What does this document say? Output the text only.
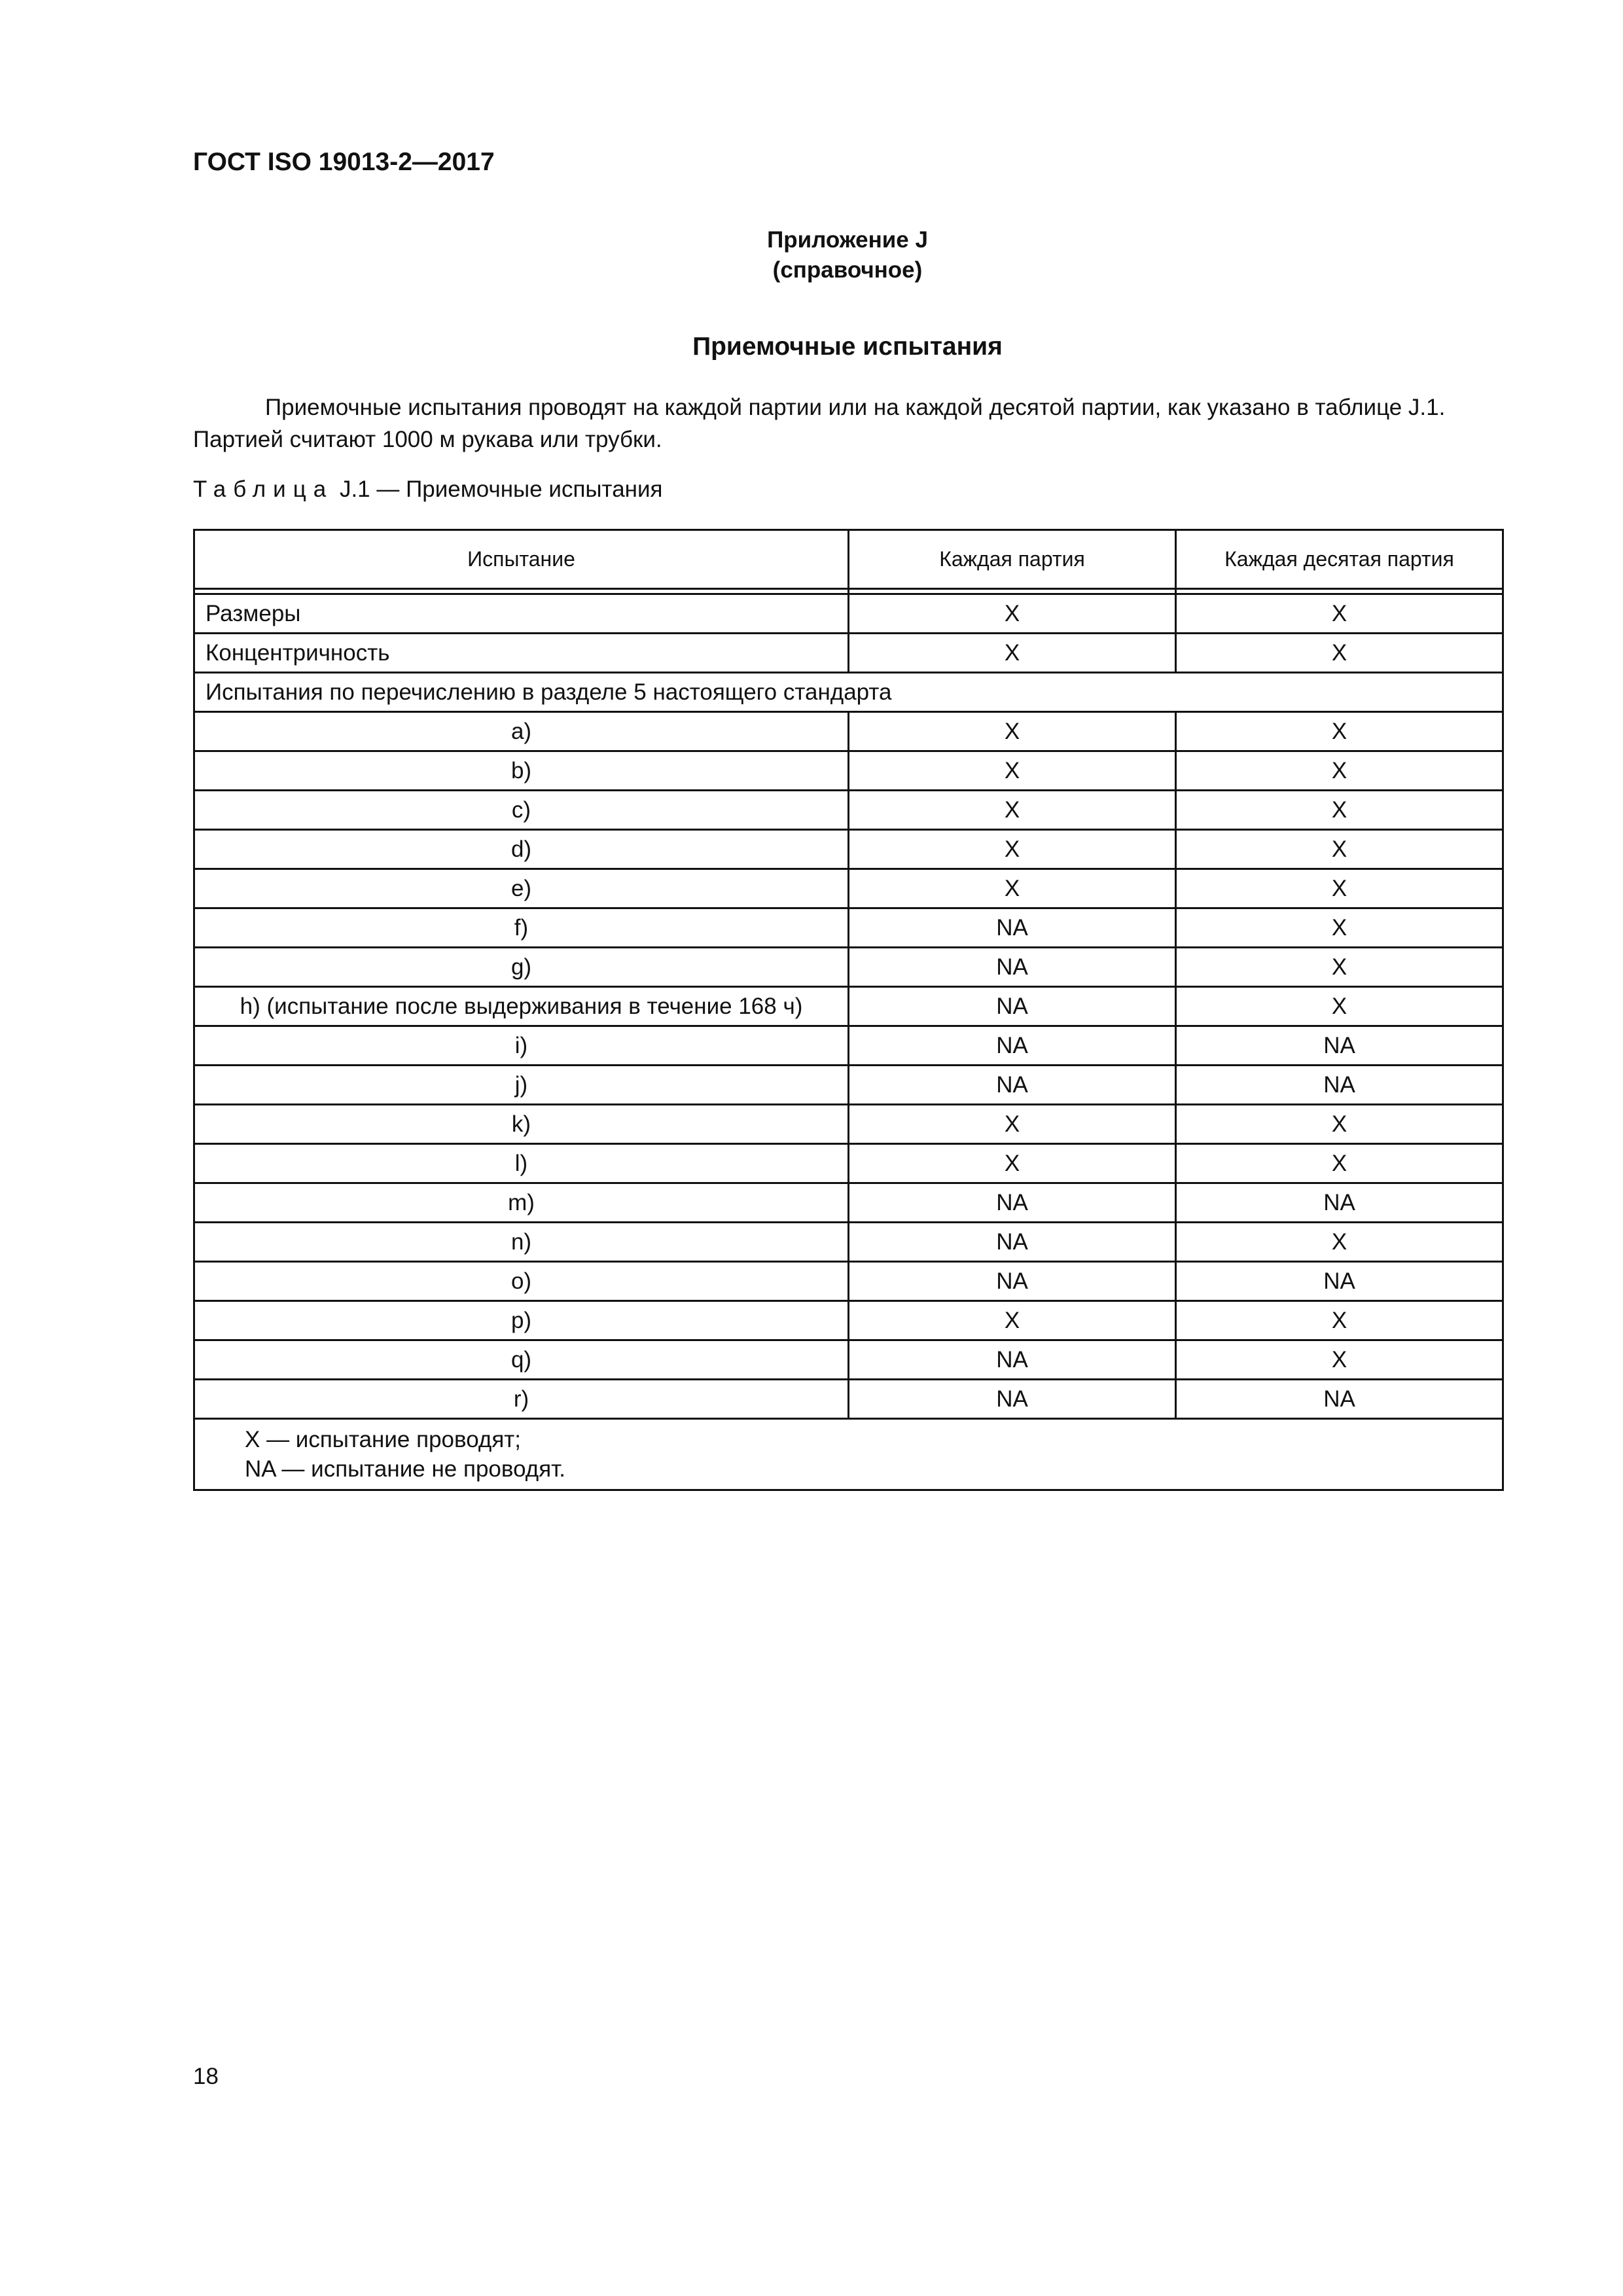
ГОСТ ISO 19013-2—2017
Приложение J
(справочное)
Приемочные испытания
Приемочные испытания проводят на каждой партии или на каждой десятой партии, как указано в таблице J.1.
Партией считают 1000 м рукава или трубки.
Таблица J.1 — Приемочные испытания
Испытание	Каждая партия	Каждая десятая партия

Размеры	X	X
Концентричность	X	X
Испытания по перечислению в разделе 5 настоящего стандарта		
a)	X	X
b)	X	X
c)	X	X
d)	X	X
e)	X	X
f)	NA	X
g)	NA	X
h) (испытание после выдерживания в течение 168 ч)	NA	X
i)	NA	NA
j)	NA	NA
k)	X	X
l)	X	X
m)	NA	NA
n)	NA	X
o)	NA	NA
p)	X	X
q)	NA	X
r)	NA	NA

X — испытание проводят;
NA — испытание не проводят.		
18
